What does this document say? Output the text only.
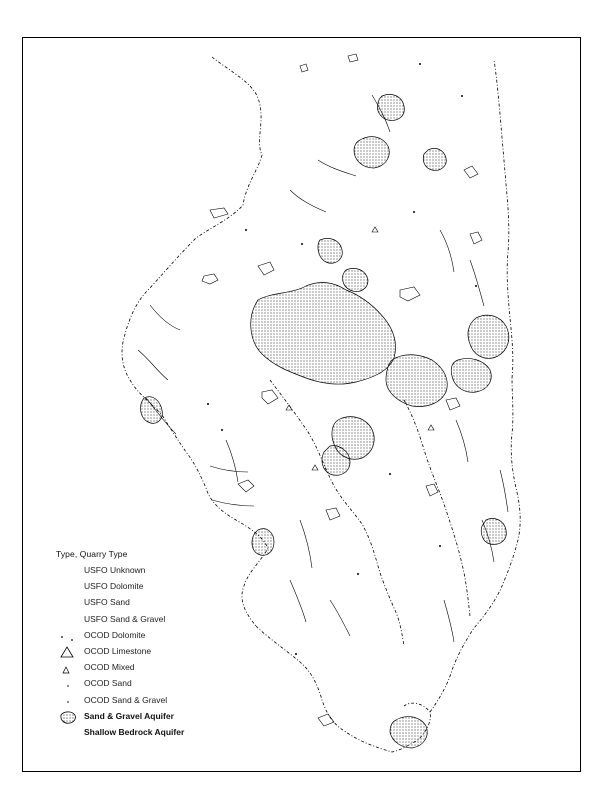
Type, Quarry Type
USFO Unknown
USFO Dolomite
USFO Sand
USFO Sand & Gravel
OCOD Dolomite
OCOD Limestone
OCOD Mixed
OCOD Sand
OCOD Sand & Gravel
Sand & Gravel Aquifer
Shallow Bedrock Aquifer
